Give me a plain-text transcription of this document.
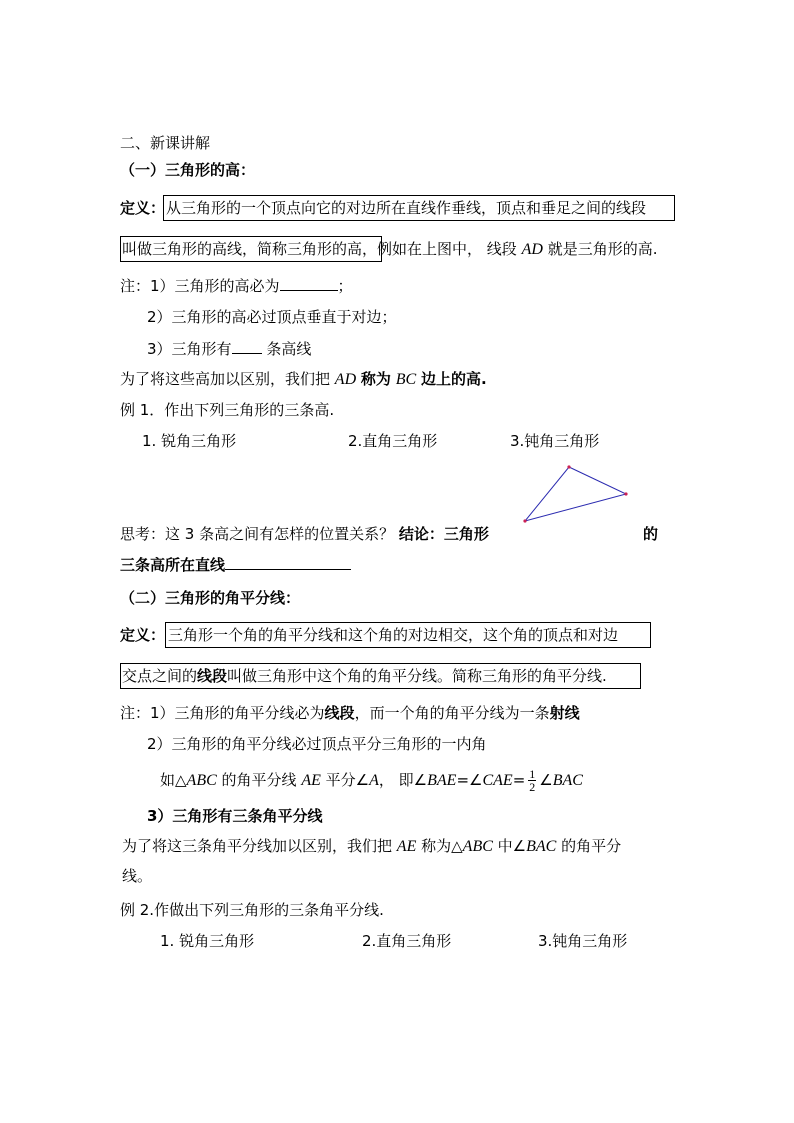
二、新课讲解
（一）三角形的高：
定义： 从三角形的一个顶点向它的对边所在直线作垂线，顶点和垂足之间的线段
叫做三角形的高线，简称三角形的高，例如在上图中， 线段 AD 就是三角形的高.
注：1）三角形的高必为	；
2）三角形的高必过顶点垂直于对边；
3）三角形有 条高线
为了将这些高加以区别，我们把 AD 称为 BC 边上的高.
例 1．作出下列三角形的三条高.
1. 锐角三角形	2.直角三角形	3.钝角三角形
思考：这 3 条高之间有怎样的位置关系？ 结论：三角形	的
三条高所在直线
（二）三角形的角平分线：
定义： 三角形一个角的角平分线和这个角的对边相交，这个角的顶点和对边
交点之间的线段叫做三角形中这个角的角平分线。简称三角形的角平分线.
注：1）三角形的角平分线必为线段，而一个角的角平分线为一条射线
2）三角形的角平分线必过顶点平分三角形的一内角
如△ABC 的角平分线 AE 平分∠A， 即∠BAE=∠CAE= $\frac{1}{2}$ ∠BAC
3）三角形有三条角平分线
为了将这三条角平分线加以区别，我们把 AE 称为△ABC 中∠BAC 的角平分
线。
例 2.作做出下列三角形的三条角平分线.
1. 锐角三角形	2.直角三角形	3.钝角三角形
